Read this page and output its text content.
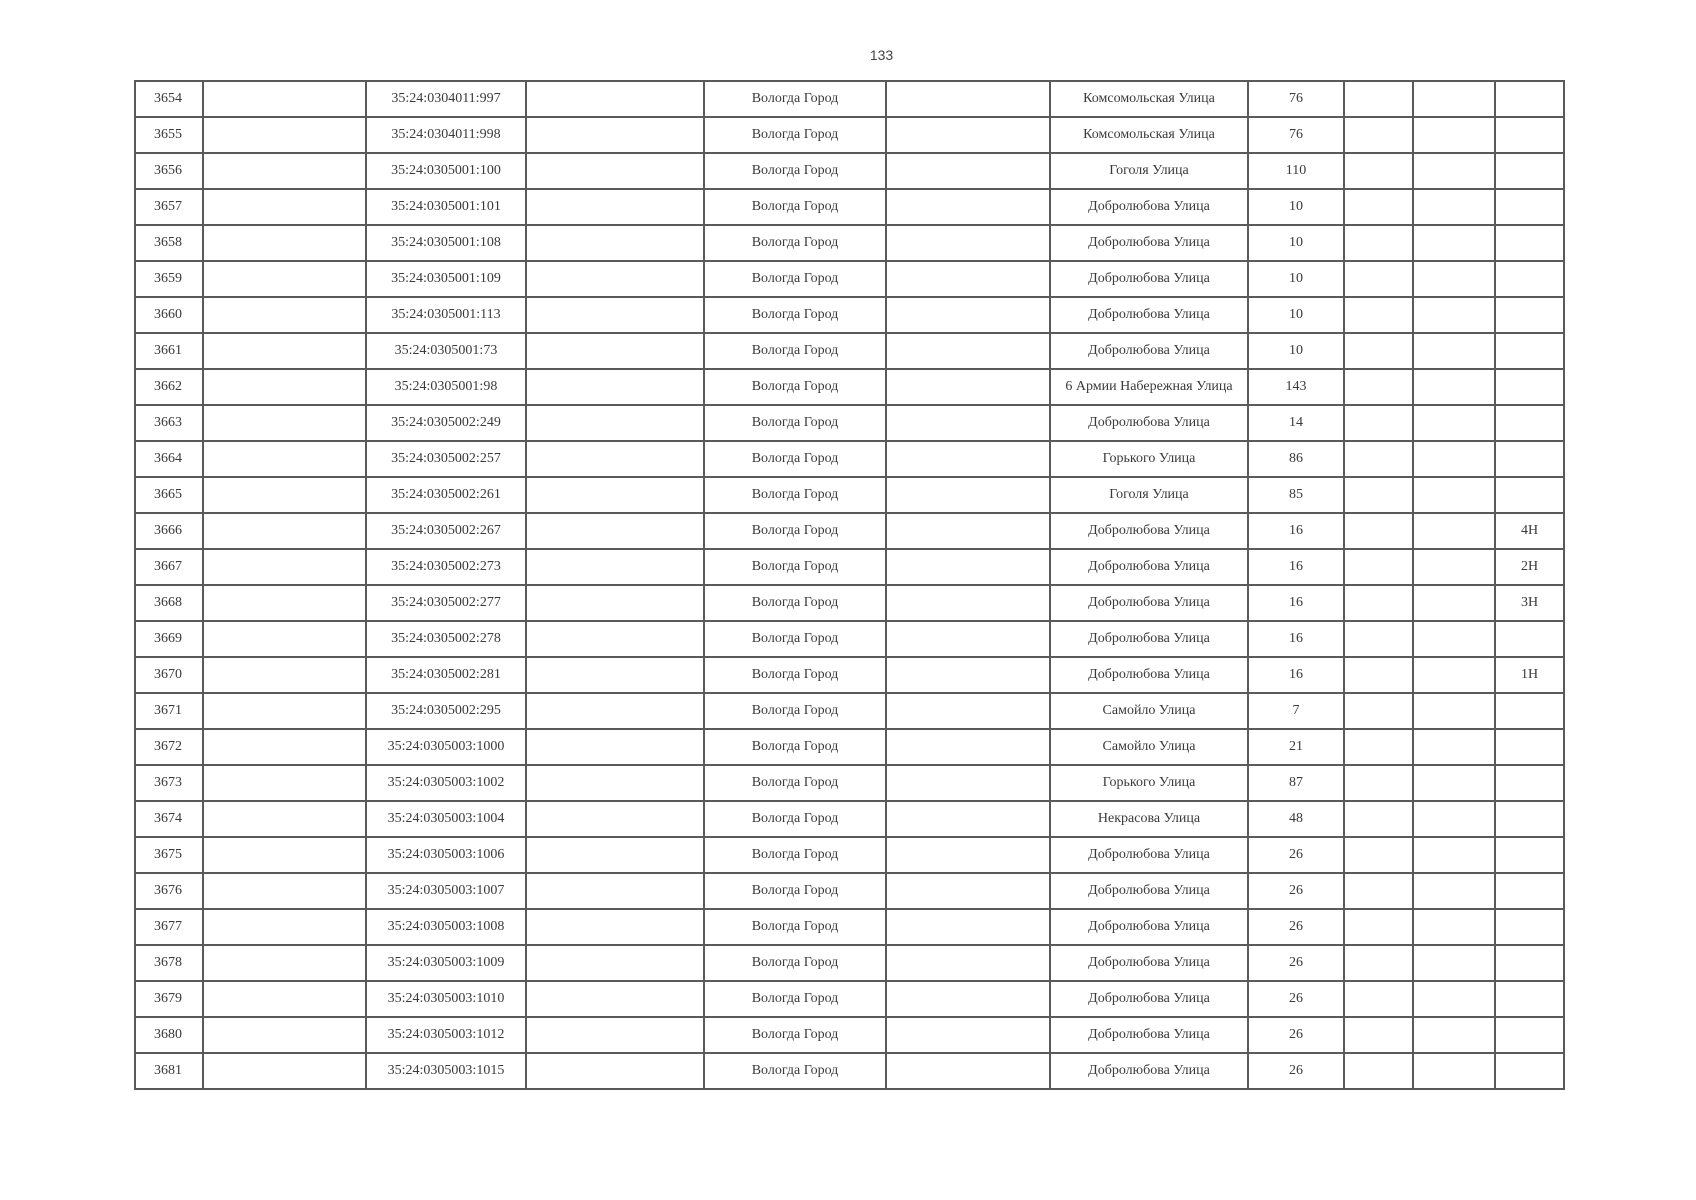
133
3654		35:24:0304011:997		Вологда Город		Комсомольская Улица	76			
3655		35:24:0304011:998		Вологда Город		Комсомольская Улица	76			
3656		35:24:0305001:100		Вологда Город		Гоголя Улица	110			
3657		35:24:0305001:101		Вологда Город		Добролюбова Улица	10			
3658		35:24:0305001:108		Вологда Город		Добролюбова Улица	10			
3659		35:24:0305001:109		Вологда Город		Добролюбова Улица	10			
3660		35:24:0305001:113		Вологда Город		Добролюбова Улица	10			
3661		35:24:0305001:73		Вологда Город		Добролюбова Улица	10			
3662		35:24:0305001:98		Вологда Город		6 Армии Набережная Улица	143			
3663		35:24:0305002:249		Вологда Город		Добролюбова Улица	14			
3664		35:24:0305002:257		Вологда Город		Горького Улица	86			
3665		35:24:0305002:261		Вологда Город		Гоголя Улица	85			
3666		35:24:0305002:267		Вологда Город		Добролюбова Улица	16			4Н
3667		35:24:0305002:273		Вологда Город		Добролюбова Улица	16			2Н
3668		35:24:0305002:277		Вологда Город		Добролюбова Улица	16			3Н
3669		35:24:0305002:278		Вологда Город		Добролюбова Улица	16			
3670		35:24:0305002:281		Вологда Город		Добролюбова Улица	16			1Н
3671		35:24:0305002:295		Вологда Город		Самойло Улица	7			
3672		35:24:0305003:1000		Вологда Город		Самойло Улица	21			
3673		35:24:0305003:1002		Вологда Город		Горького Улица	87			
3674		35:24:0305003:1004		Вологда Город		Некрасова Улица	48			
3675		35:24:0305003:1006		Вологда Город		Добролюбова Улица	26			
3676		35:24:0305003:1007		Вологда Город		Добролюбова Улица	26			
3677		35:24:0305003:1008		Вологда Город		Добролюбова Улица	26			
3678		35:24:0305003:1009		Вологда Город		Добролюбова Улица	26			
3679		35:24:0305003:1010		Вологда Город		Добролюбова Улица	26			
3680		35:24:0305003:1012		Вологда Город		Добролюбова Улица	26			
3681		35:24:0305003:1015		Вологда Город		Добролюбова Улица	26			
